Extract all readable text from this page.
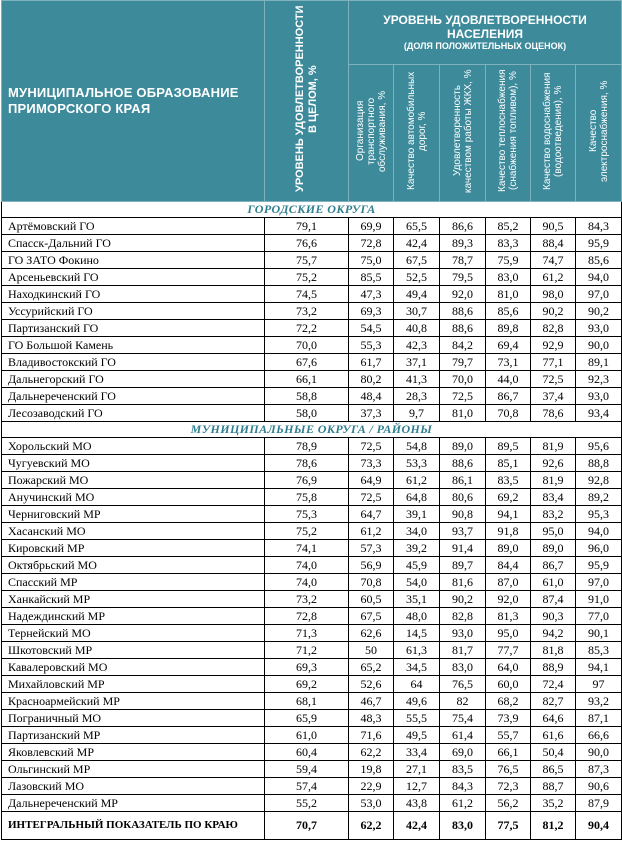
МУНИЦИПАЛЬНОЕ ОБРАЗОВАНИЕ ПРИМОРСКОГО КРАЯ	УРОВЕНЬ УДОВЛЕТВОРЕННОСТИ В ЦЕЛОМ, %	УРОВЕНЬ УДОВЛЕТВОРЕННОСТИ НАСЕЛЕНИЯ
(ДОЛЯ ПОЛОЖИТЕЛЬНЫХ ОЦЕНОК)					

		Организация транспортного обслуживания, %	Качество автомобильных дорог, %	Удовлетворенность качеством работы ЖКХ, %	Качество теплоснабжения (снабжения топливом), %	Качество водоснабжения (водоотведения), %	Качество электроснабжения, %
ГОРОДСКИЕ ОКРУГА							
Артёмовский ГО	79,1	69,9	65,5	86,6	85,2	90,5	84,3
Спасск-Дальний ГО	76,6	72,8	42,4	89,3	83,3	88,4	95,9
ГО ЗАТО Фокино	75,7	75,0	67,5	78,7	75,9	74,7	85,6
Арсеньевский ГО	75,2	85,5	52,5	79,5	83,0	61,2	94,0
Находкинский ГО	74,5	47,3	49,4	92,0	81,0	98,0	97,0
Уссурийский ГО	73,2	69,3	30,7	88,6	85,6	90,2	90,2
Партизанский ГО	72,2	54,5	40,8	88,6	89,8	82,8	93,0
ГО Большой Камень	70,0	55,3	42,3	84,2	69,4	92,9	90,0
Владивостокский ГО	67,6	61,7	37,1	79,7	73,1	77,1	89,1
Дальнегорский ГО	66,1	80,2	41,3	70,0	44,0	72,5	92,3
Дальнереченский ГО	58,8	48,4	28,3	72,5	86,7	37,4	93,0
Лесозаводский ГО	58,0	37,3	9,7	81,0	70,8	78,6	93,4
МУНИЦИПАЛЬНЫЕ ОКРУГА / РАЙОНЫ							
Хорольский МО	78,9	72,5	54,8	89,0	89,5	81,9	95,6
Чугуевский МО	78,6	73,3	53,3	88,6	85,1	92,6	88,8
Пожарский МО	76,9	64,9	61,2	86,1	83,5	81,9	92,8
Анучинский МО	75,8	72,5	64,8	80,6	69,2	83,4	89,2
Черниговский МР	75,3	64,7	39,1	90,8	94,1	83,2	95,3
Хасанский МО	75,2	61,2	34,0	93,7	91,8	95,0	94,0
Кировский МР	74,1	57,3	39,2	91,4	89,0	89,0	96,0
Октябрьский МО	74,0	56,9	45,9	89,7	84,4	86,7	95,9
Спасский МР	74,0	70,8	54,0	81,6	87,0	61,0	97,0
Ханкайский МР	73,2	60,5	35,1	90,2	92,0	87,4	91,0
Надеждинский МР	72,8	67,5	48,0	82,8	81,3	90,3	77,0
Тернейский МО	71,3	62,6	14,5	93,0	95,0	94,2	90,1
Шкотовский МР	71,2	50	61,3	81,7	77,7	81,8	85,3
Кавалеровский МО	69,3	65,2	34,5	83,0	64,0	88,9	94,1
Михайловский МР	69,2	52,6	64	76,5	60,0	72,4	97
Красноармейский МР	68,1	46,7	49,6	82	68,2	82,7	93,2
Пограничный МО	65,9	48,3	55,5	75,4	73,9	64,6	87,1
Партизанский МР	61,0	71,6	49,5	61,4	55,7	61,6	66,6
Яковлевский МР	60,4	62,2	33,4	69,0	66,1	50,4	90,0
Ольгинский МР	59,4	19,8	27,1	83,5	76,5	86,5	87,3
Лазовский МО	57,4	22,9	12,7	84,3	72,3	88,7	90,6
Дальнереченский МР	55,2	53,0	43,8	61,2	56,2	35,2	87,9
ИНТЕГРАЛЬНЫЙ ПОКАЗАТЕЛЬ ПО КРАЮ	70,7	62,2	42,4	83,0	77,5	81,2	90,4
